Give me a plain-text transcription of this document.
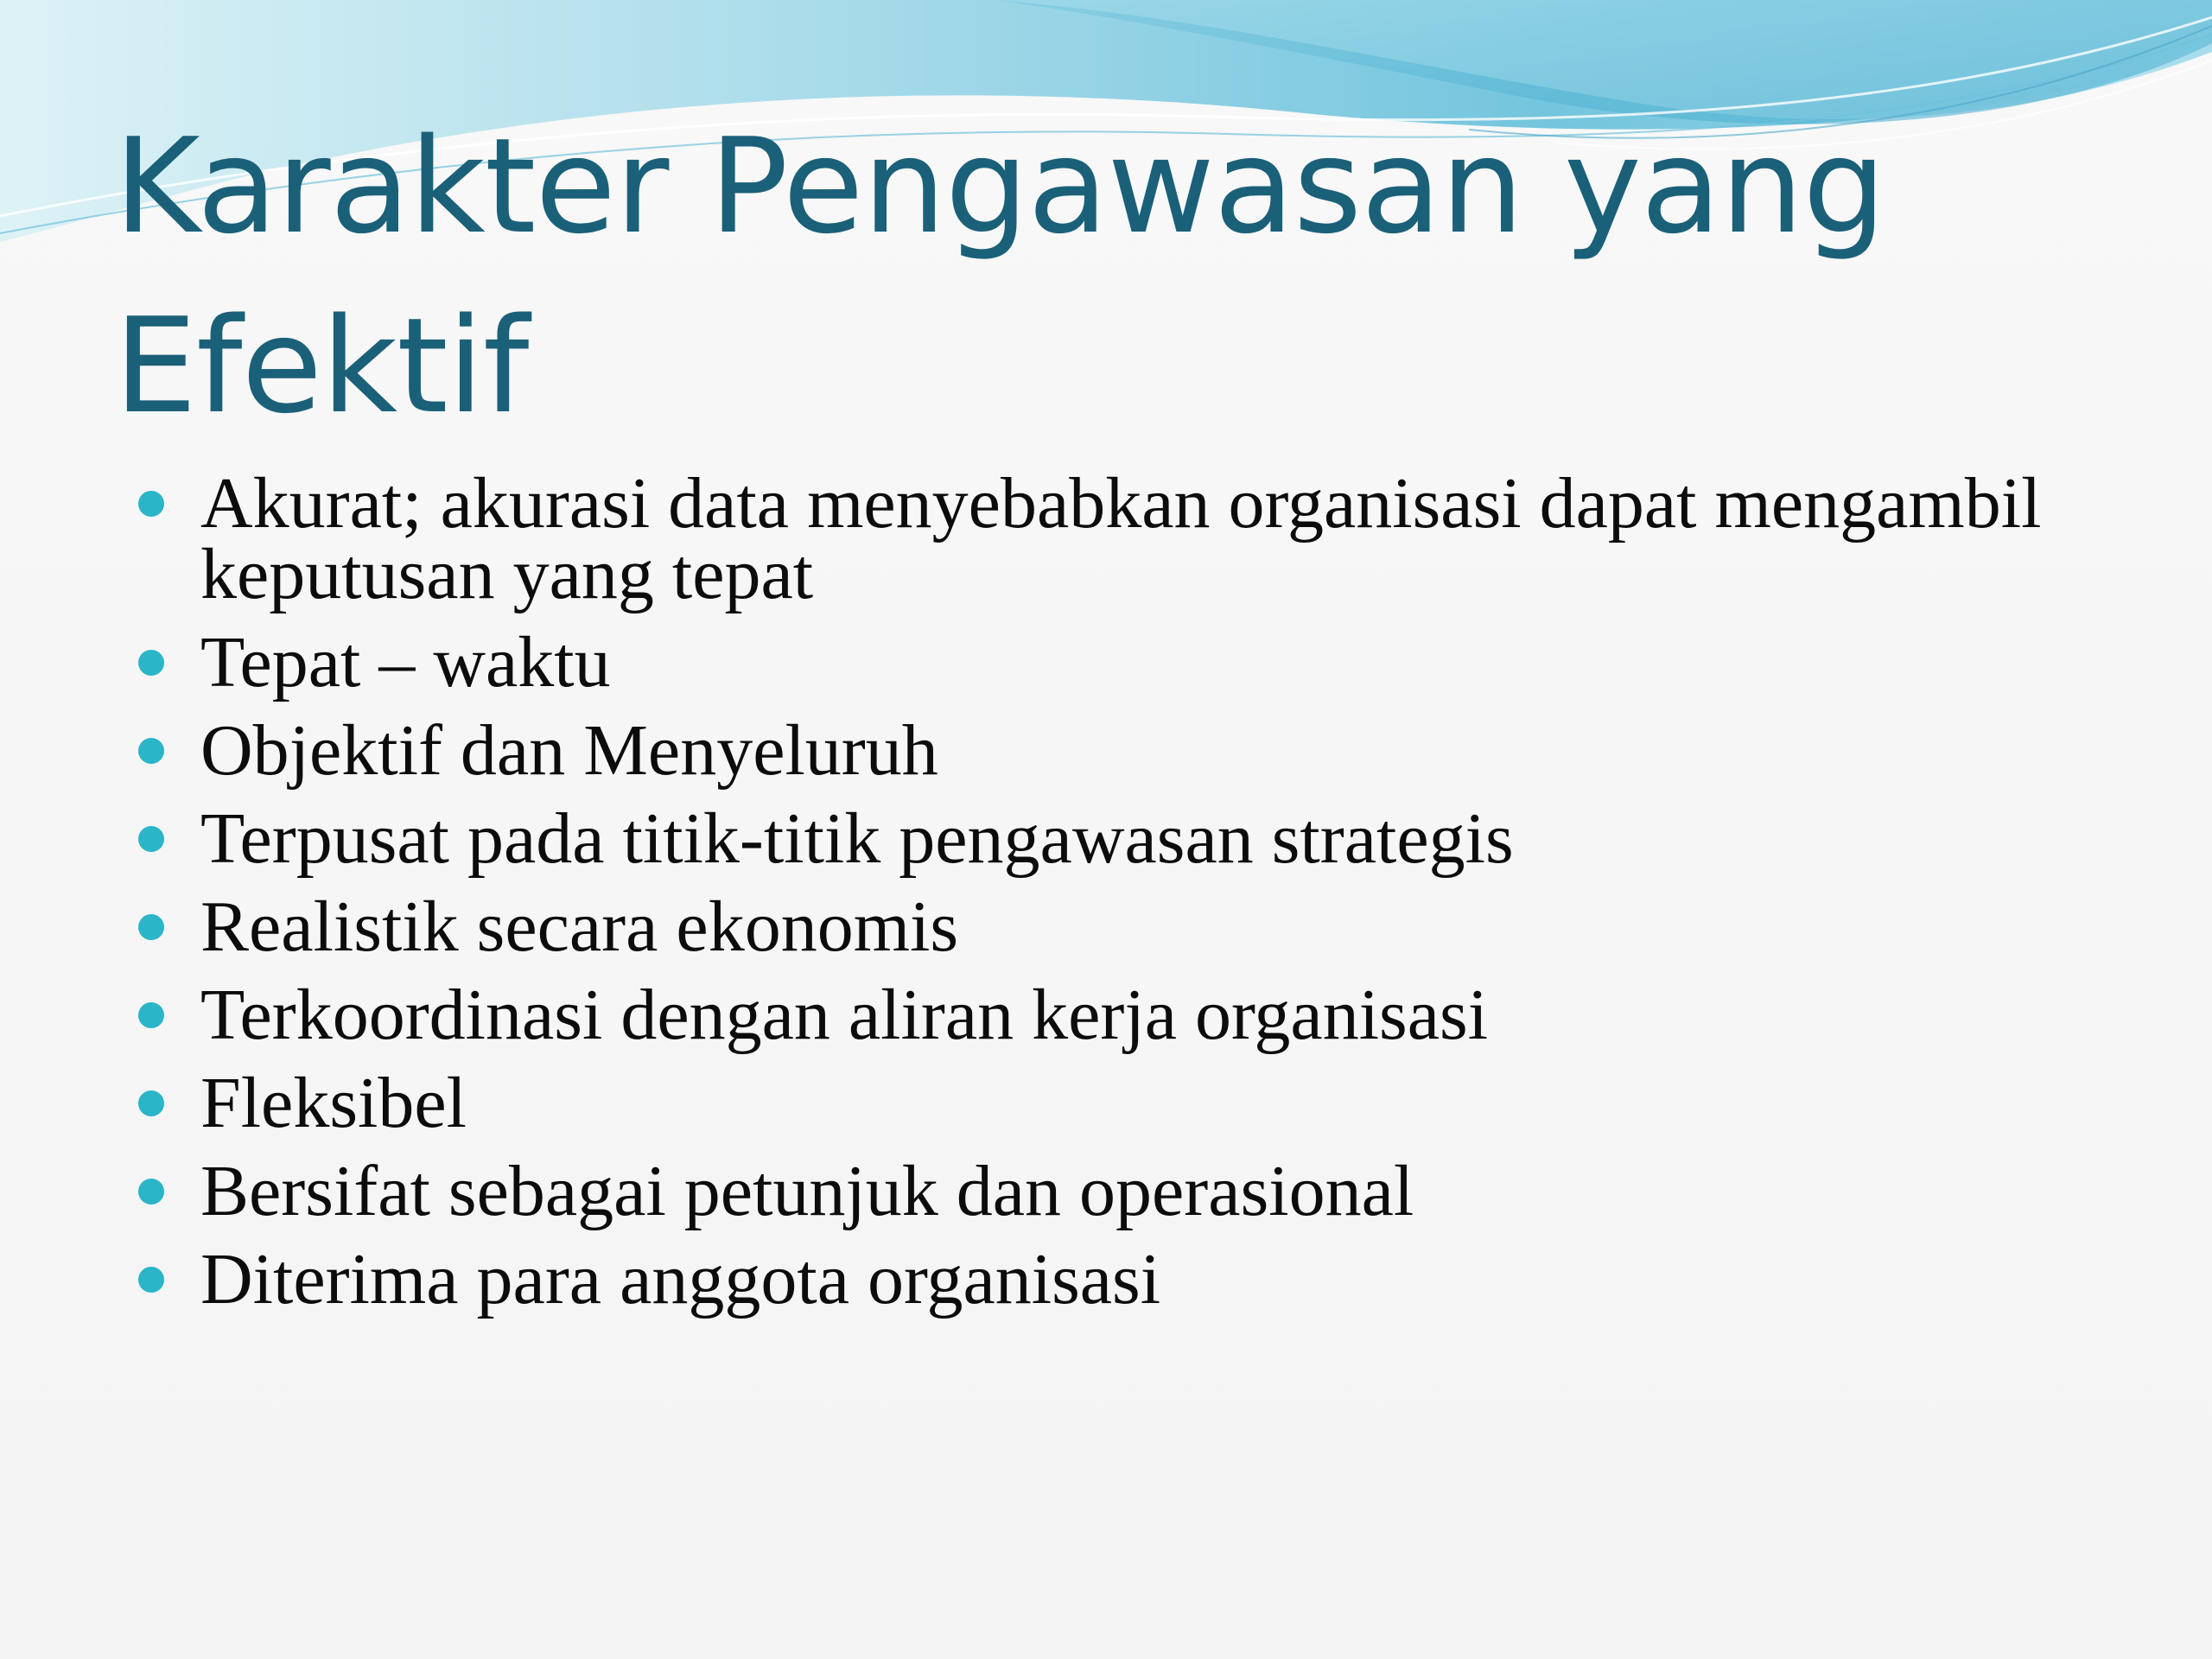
Karakter Pengawasan yang Efektif
Akurat; akurasi data menyebabkan organisasi dapat mengambil keputusan yang tepat
Tepat – waktu
Objektif dan Menyeluruh
Terpusat pada titik-titik pengawasan strategis
Realistik secara ekonomis
Terkoordinasi dengan aliran kerja organisasi
Fleksibel
Bersifat sebagai petunjuk dan operasional
Diterima para anggota organisasi
